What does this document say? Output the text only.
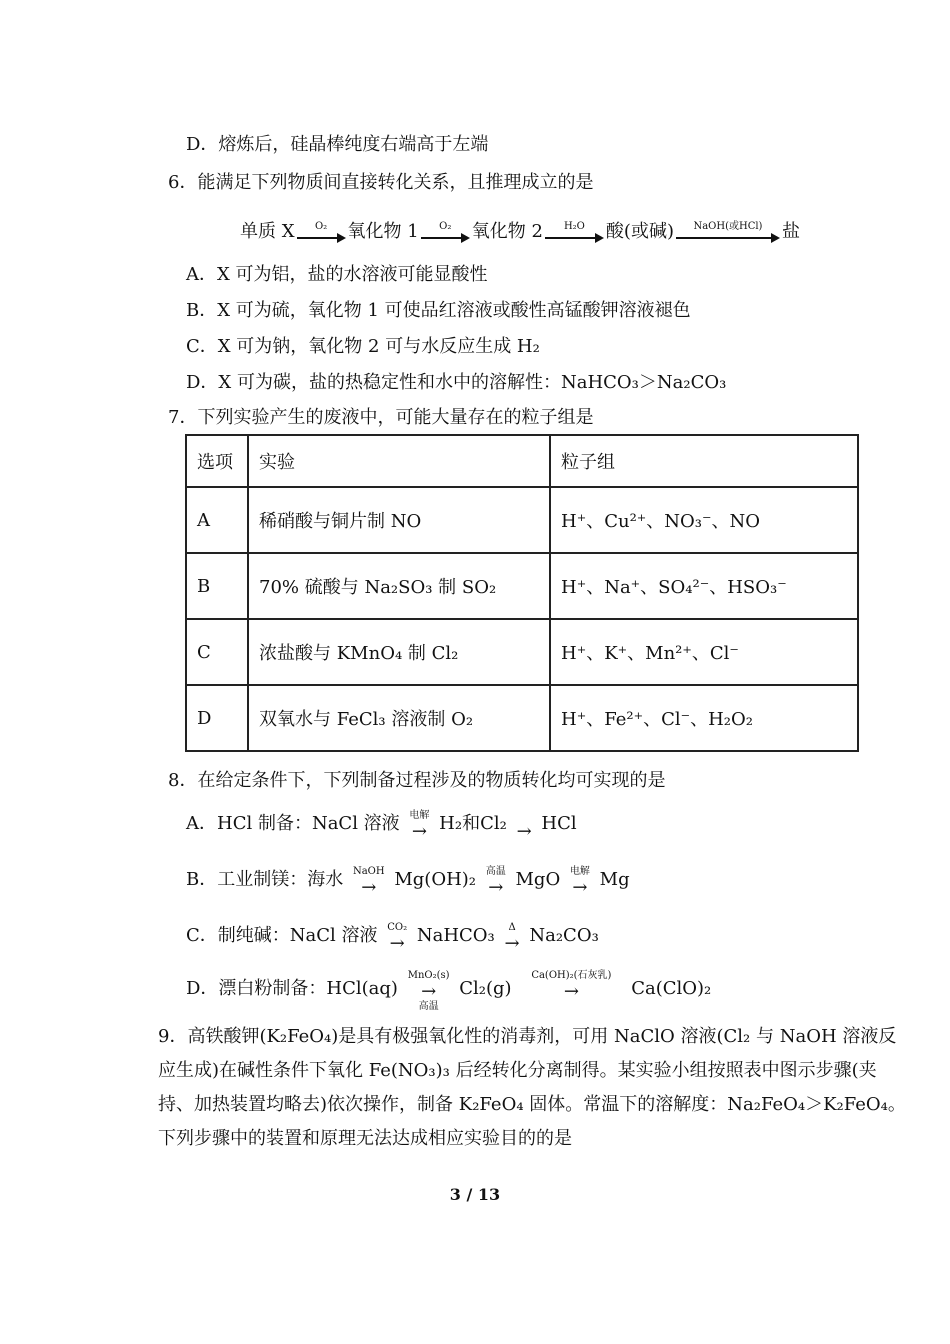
D．熔炼后，硅晶棒纯度右端高于左端
6．能满足下列物质间直接转化关系，且推理成立的是
单质 X O₂ 氧化物 1 O₂ 氧化物 2 H₂O 酸(或碱) NaOH(或HCl) 盐
A．X 可为铝，盐的水溶液可能显酸性
B．X 可为硫，氧化物 1 可使品红溶液或酸性高锰酸钾溶液褪色
C．X 可为钠，氧化物 2 可与水反应生成 H₂
D．X 可为碳，盐的热稳定性和水中的溶解性：NaHCO₃＞Na₂CO₃
7．下列实验产生的废液中，可能大量存在的粒子组是
选项	实验	粒子组
A	稀硝酸与铜片制 NO	H⁺、Cu²⁺、NO₃⁻、NO
B	70% 硫酸与 Na₂SO₃ 制 SO₂	H⁺、Na⁺、SO₄²⁻、HSO₃⁻
C	浓盐酸与 KMnO₄ 制 Cl₂	H⁺、K⁺、Mn²⁺、Cl⁻
D	双氧水与 FeCl₃ 溶液制 O₂	H⁺、Fe²⁺、Cl⁻、H₂O₂
8．在给定条件下，下列制备过程涉及的物质转化均可实现的是
A．HCl 制备：NaCl 溶液 电解
→ H₂和Cl₂
→ HCl
B．工业制镁：海水 NaOH
→ Mg(OH)₂ 高温
→ MgO 电解
→ Mg
C．制纯碱：NaCl 溶液 CO₂
→ NaHCO₃ Δ
→ Na₂CO₃
D．漂白粉制备：HCl(aq)
MnO₂(s)
→
高温
Cl₂(g)
Ca(OH)₂(石灰乳)
→
	Ca(ClO)₂
9．高铁酸钾(K₂FeO₄)是具有极强氧化性的消毒剂，可用 NaClO 溶液(Cl₂ 与 NaOH 溶液反
应生成)在碱性条件下氧化 Fe(NO₃)₃ 后经转化分离制得。某实验小组按照表中图示步骤(夹
持、加热装置均略去)依次操作，制备 K₂FeO₄ 固体。常温下的溶解度：Na₂FeO₄＞K₂FeO₄。
下列步骤中的装置和原理无法达成相应实验目的的是
3 / 13
